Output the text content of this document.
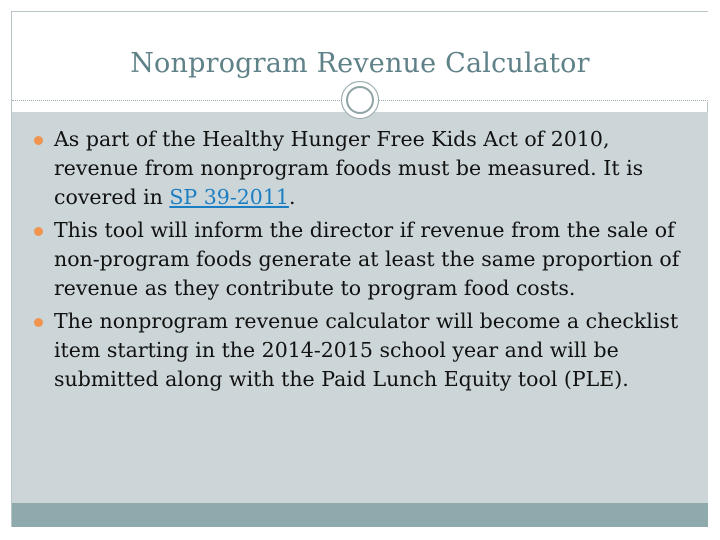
Nonprogram Revenue Calculator
As part of the Healthy Hunger Free Kids Act of 2010, revenue from nonprogram foods must be measured. It is covered in SP 39-2011.
This tool will inform the director if revenue from the sale of non-program foods generate at least the same proportion of revenue as they contribute to program food costs.
The nonprogram revenue calculator will become a checklist item starting in the 2014-2015 school year and will be submitted along with the Paid Lunch Equity tool (PLE).
